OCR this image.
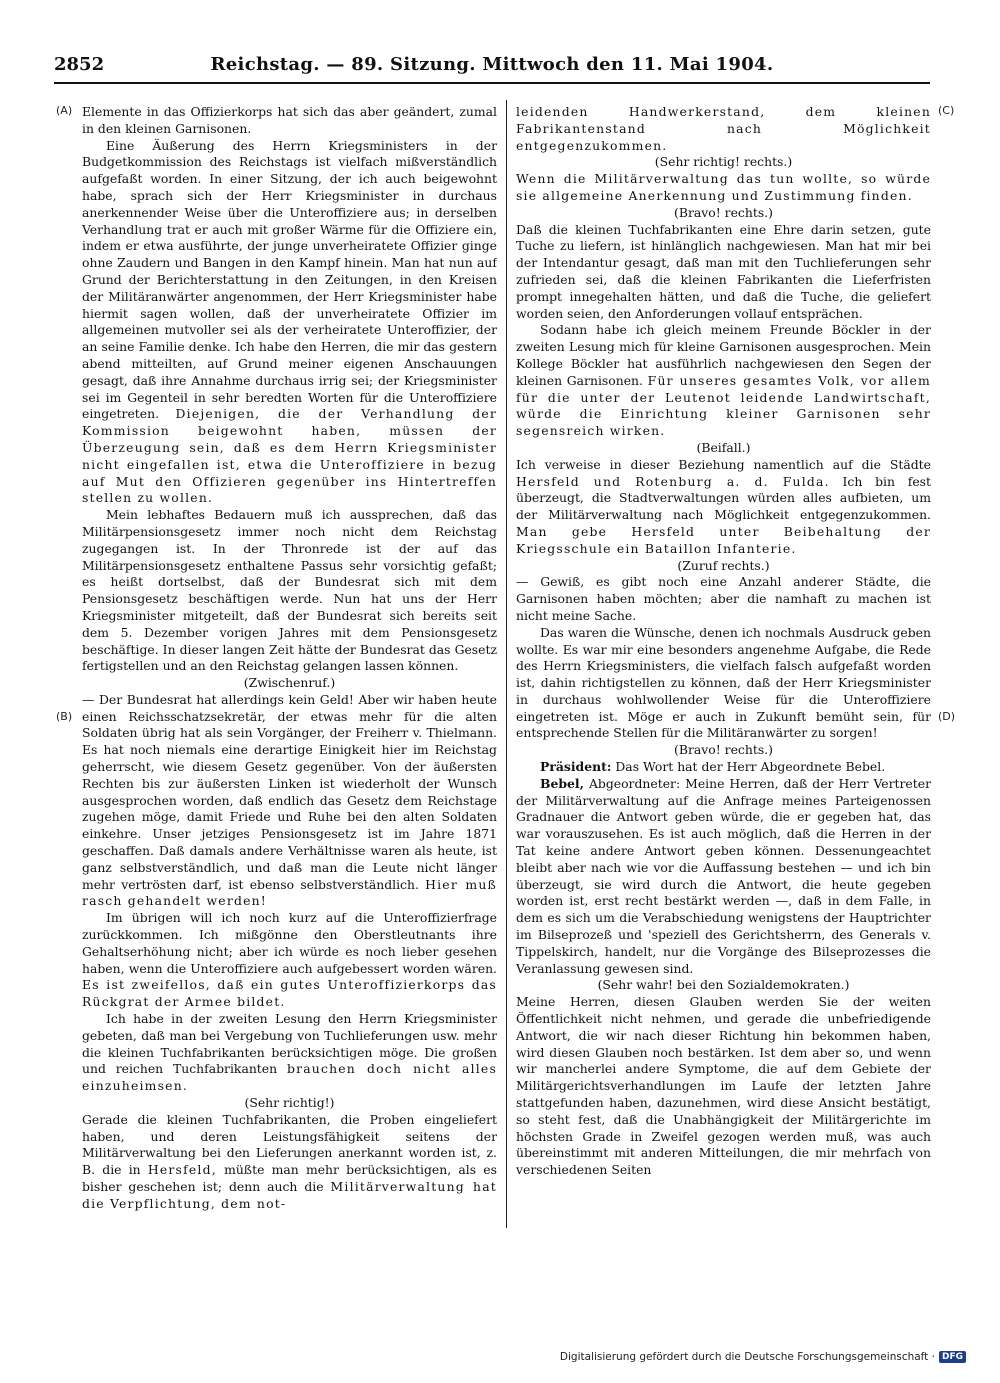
2852	Reichstag. — 89. Sitzung. Mittwoch den 11. Mai 1904.
(A)
(B)
(C)
(D)

Elemente in das Offizierkorps hat sich das aber geändert, zumal in den kleinen Garnisonen.

Eine Äußerung des Herrn Kriegsministers in der Budgetkommission des Reichstags ist vielfach mißverständlich aufgefaßt worden. In einer Sitzung, der ich auch beigewohnt habe, sprach sich der Herr Kriegsminister in durchaus anerkennender Weise über die Unteroffiziere aus; in derselben Verhandlung trat er auch mit großer Wärme für die Offiziere ein, indem er etwa ausführte, der junge unverheiratete Offizier ginge ohne Zaudern und Bangen in den Kampf hinein. Man hat nun auf Grund der Berichterstattung in den Zeitungen, in den Kreisen der Militäranwärter angenommen, der Herr Kriegsminister habe hiermit sagen wollen, daß der unverheiratete Offizier im allgemeinen mutvoller sei als der verheiratete Unteroffizier, der an seine Familie denke. Ich habe den Herren, die mir das gestern abend mitteilten, auf Grund meiner eigenen Anschauungen gesagt, daß ihre Annahme durchaus irrig sei; der Kriegsminister sei im Gegenteil in sehr beredten Worten für die Unteroffiziere eingetreten. Diejenigen, die der Verhandlung der Kommission beigewohnt haben, müssen der Überzeugung sein, daß es dem Herrn Kriegsminister nicht eingefallen ist, etwa die Unteroffiziere in bezug auf Mut den Offizieren gegenüber ins Hintertreffen stellen zu wollen.

Mein lebhaftes Bedauern muß ich aussprechen, daß das Militärpensionsgesetz immer noch nicht dem Reichstag zugegangen ist. In der Thronrede ist der auf das Militärpensionsgesetz enthaltene Passus sehr vorsichtig gefaßt; es heißt dortselbst, daß der Bundesrat sich mit dem Pensionsgesetz beschäftigen werde. Nun hat uns der Herr Kriegsminister mitgeteilt, daß der Bundesrat sich bereits seit dem 5. Dezember vorigen Jahres mit dem Pensionsgesetz beschäftige. In dieser langen Zeit hätte der Bundesrat das Gesetz fertigstellen und an den Reichstag gelangen lassen können.

(Zwischenruf.)

— Der Bundesrat hat allerdings kein Geld! Aber wir haben heute einen Reichsschatzsekretär, der etwas mehr für die alten Soldaten übrig hat als sein Vorgänger, der Freiherr v. Thielmann. Es hat noch niemals eine derartige Einigkeit hier im Reichstag geherrscht, wie diesem Gesetz gegenüber. Von der äußersten Rechten bis zur äußersten Linken ist wiederholt der Wunsch ausgesprochen worden, daß endlich das Gesetz dem Reichstage zugehen möge, damit Friede und Ruhe bei den alten Soldaten einkehre. Unser jetziges Pensionsgesetz ist im Jahre 1871 geschaffen. Daß damals andere Verhältnisse waren als heute, ist ganz selbstverständlich, und daß man die Leute nicht länger mehr vertrösten darf, ist ebenso selbstverständlich. Hier muß rasch gehandelt werden!

Im übrigen will ich noch kurz auf die Unteroffizierfrage zurückkommen. Ich mißgönne den Oberstleutnants ihre Gehaltserhöhung nicht; aber ich würde es noch lieber gesehen haben, wenn die Unteroffiziere auch aufgebessert worden wären. Es ist zweifellos, daß ein gutes Unteroffizierkorps das Rückgrat der Armee bildet.

Ich habe in der zweiten Lesung den Herrn Kriegsminister gebeten, daß man bei Vergebung von Tuchlieferungen usw. mehr die kleinen Tuchfabrikanten berücksichtigen möge. Die großen und reichen Tuchfabrikanten brauchen doch nicht alles einzuheimsen.

(Sehr richtig!)

Gerade die kleinen Tuchfabrikanten, die Proben eingeliefert haben, und deren Leistungsfähigkeit seitens der Militärverwaltung bei den Lieferungen anerkannt worden ist, z. B. die in Hersfeld, müßte man mehr berücksichtigen, als es bisher geschehen ist; denn auch die Militärverwaltung hat die Verpflichtung, dem not-

leidenden Handwerkerstand, dem kleinen Fabrikantenstand nach Möglichkeit entgegenzukommen.

(Sehr richtig! rechts.)

Wenn die Militärverwaltung das tun wollte, so würde sie allgemeine Anerkennung und Zustimmung finden.

(Bravo! rechts.)

Daß die kleinen Tuchfabrikanten eine Ehre darin setzen, gute Tuche zu liefern, ist hinlänglich nachgewiesen. Man hat mir bei der Intendantur gesagt, daß man mit den Tuchlieferungen sehr zufrieden sei, daß die kleinen Fabrikanten die Lieferfristen prompt innegehalten hätten, und daß die Tuche, die geliefert worden seien, den Anforderungen vollauf entsprächen.

Sodann habe ich gleich meinem Freunde Böckler in der zweiten Lesung mich für kleine Garnisonen ausgesprochen. Mein Kollege Böckler hat ausführlich nachgewiesen den Segen der kleinen Garnisonen. Für unseres gesamtes Volk, vor allem für die unter der Leutenot leidende Landwirtschaft, würde die Einrichtung kleiner Garnisonen sehr segensreich wirken.

(Beifall.)

Ich verweise in dieser Beziehung namentlich auf die Städte Hersfeld und Rotenburg a. d. Fulda. Ich bin fest überzeugt, die Stadtverwaltungen würden alles aufbieten, um der Militärverwaltung nach Möglichkeit entgegenzukommen. Man gebe Hersfeld unter Beibehaltung der Kriegsschule ein Bataillon Infanterie.

(Zuruf rechts.)

— Gewiß, es gibt noch eine Anzahl anderer Städte, die Garnisonen haben möchten; aber die namhaft zu machen ist nicht meine Sache.

Das waren die Wünsche, denen ich nochmals Ausdruck geben wollte. Es war mir eine besonders angenehme Aufgabe, die Rede des Herrn Kriegsministers, die vielfach falsch aufgefaßt worden ist, dahin richtigstellen zu können, daß der Herr Kriegsminister in durchaus wohlwollender Weise für die Unteroffiziere eingetreten ist. Möge er auch in Zukunft bemüht sein, für entsprechende Stellen für die Militäranwärter zu sorgen!

(Bravo! rechts.)

Präsident: Das Wort hat der Herr Abgeordnete Bebel.

Bebel, Abgeordneter: Meine Herren, daß der Herr Vertreter der Militärverwaltung auf die Anfrage meines Parteigenossen Gradnauer die Antwort geben würde, die er gegeben hat, das war vorauszusehen. Es ist auch möglich, daß die Herren in der Tat keine andere Antwort geben können. Dessenungeachtet bleibt aber nach wie vor die Auffassung bestehen — und ich bin überzeugt, sie wird durch die Antwort, die heute gegeben worden ist, erst recht bestärkt werden —, daß in dem Falle, in dem es sich um die Verabschiedung wenigstens der Hauptrichter im Bilseprozeß und 'speziell des Gerichtsherrn, des Generals v. Tippelskirch, handelt, nur die Vorgänge des Bilseprozesses die Veranlassung gewesen sind.

(Sehr wahr! bei den Sozialdemokraten.)

Meine Herren, diesen Glauben werden Sie der weiten Öffentlichkeit nicht nehmen, und gerade die unbefriedigende Antwort, die wir nach dieser Richtung hin bekommen haben, wird diesen Glauben noch bestärken. Ist dem aber so, und wenn wir mancherlei andere Symptome, die auf dem Gebiete der Militärgerichtsverhandlungen im Laufe der letzten Jahre stattgefunden haben, dazunehmen, wird diese Ansicht bestätigt, so steht fest, daß die Unabhängigkeit der Militärgerichte im höchsten Grade in Zweifel gezogen werden muß, was auch übereinstimmt mit anderen Mitteilungen, die mir mehrfach von verschiedenen Seiten

Digitalisierung gefördert durch die Deutsche Forschungsgemeinschaft · DFG
